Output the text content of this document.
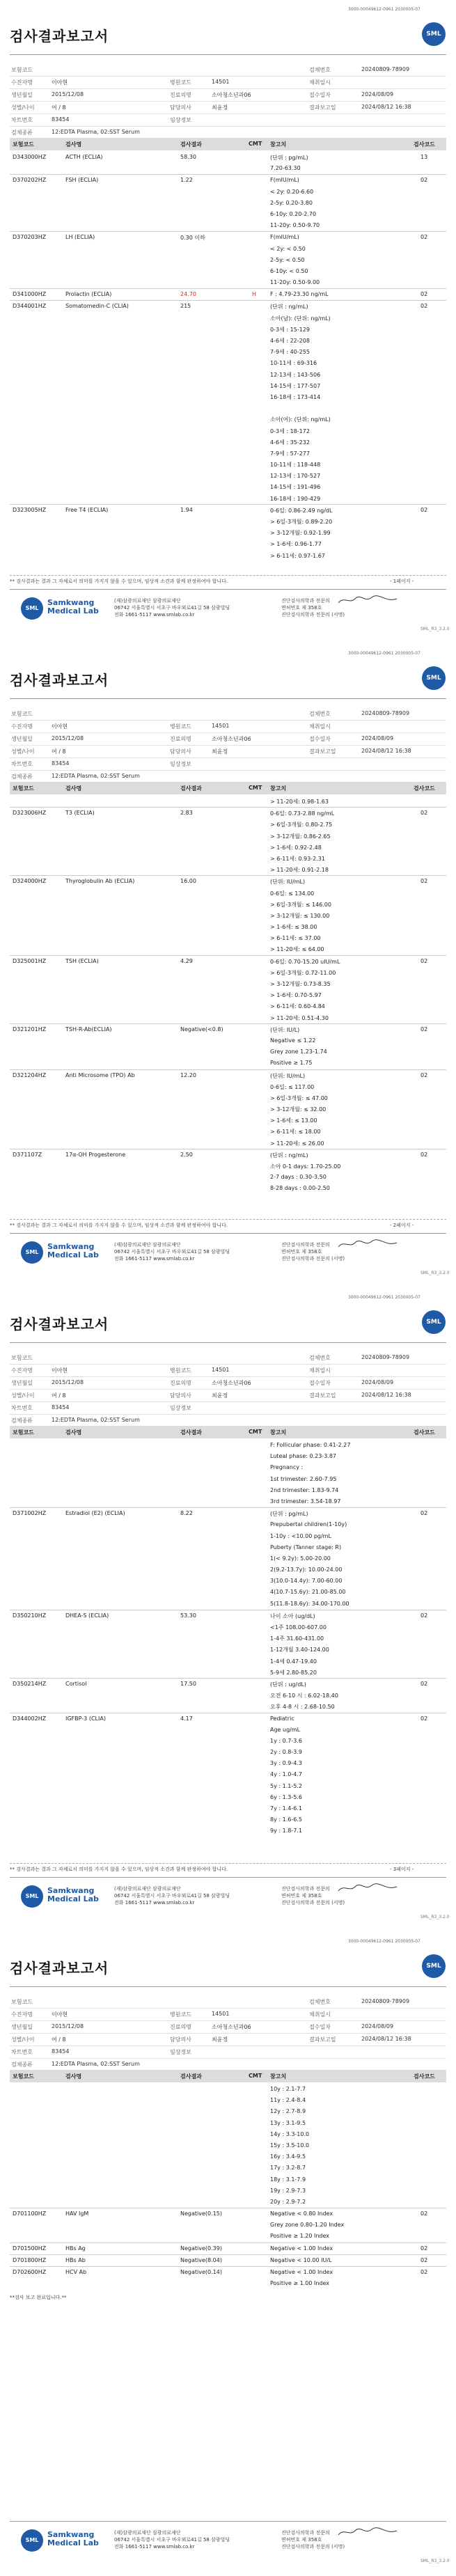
3000-00049612-0961 2030005-07
검사결과보고서	SML
보험코드	검체번호	20240809-78909
수진자명	이아현	병원코드	14501	채취일시
생년월일	2015/12/08	진료의명	소아청소년과06	접수일자	2024/08/09
성별/나이	여 / 8	담당의사	최윤정	결과보고일	2024/08/12 16:38
차트번호	83454	임상정보
검체종류	12:EDTA Plasma, 02:SST Serum
보험코드	검사명	검사결과	CMT 참고치	검사코드
D343000HZ	ACTH (ECLIA)	58.30	(단위 : pg/mL)	13
7.20-63.30
D370202HZ	FSH (ECLIA)	1.22	F(mIU/mL)	02
< 2y: 0.20-6.60
2-5y: 0.20-3.80
6-10y: 0.20-2.70
11-20y: 0.50-9.70
D370203HZ	LH (ECLIA)	0.30 이하	F(mIU/mL)	02
< 2y: < 0.50
2-5y: < 0.50
6-10y: < 0.50
11-20y: 0.50-9.00
D341000HZ	Prolactin (ECLIA)	24.70	H F : 4.79-23.30 ng/mL	02
D344001HZ	Somatomedin-C (CLIA)	215	(단위 : ng/mL)	02
소아(남): (단위: ng/mL)
0-3세 : 15-129
4-6세 : 22-208
7-9세 : 40-255
10-11세 : 69-316
12-13세 : 143-506
14-15세 : 177-507
16-18세 : 173-414
소아(여): (단위: ng/mL)
0-3세 : 18-172
4-6세 : 35-232
7-9세 : 57-277
10-11세 : 118-448
12-13세 : 170-527
14-15세 : 191-496
16-18세 : 190-429
D323005HZ	Free T4 (ECLIA)	1.94	0-6일: 0.86-2.49 ng/dL	02
> 6일-3개월: 0.89-2.20
> 3-12개월: 0.92-1.99
> 1-6세: 0.96-1.77
> 6-11세: 0.97-1.67
** 검사결과는 결과 그 자체로서 의미를 가지지 않을 수 있으며, 임상적 소견과 함께 판정하여야 합니다.	- 1페이지 -
SML
Samkwang
Medical Lab
(재)삼광의료재단 삼광의료재단
06742 서울특별시 서초구 바우뫼로41길 58 삼광빌딩
전화 1661-5117 www.smlab.co.kr
진단검사의학과 전문의
면허번호 제 358호
진단검사의학과 전문의 (서명)
SML_R3_3.2.0
3000-00049612-0961 2030005-07
검사결과보고서	SML
보험코드	검체번호	20240809-78909
수진자명	이아현	병원코드	14501	채취일시
생년월일	2015/12/08	진료의명	소아청소년과06	접수일자	2024/08/09
성별/나이	여 / 8	담당의사	최윤정	결과보고일	2024/08/12 16:38
차트번호	83454	임상정보
검체종류	12:EDTA Plasma, 02:SST Serum
보험코드	검사명	검사결과	CMT 참고치	검사코드
> 11-20세: 0.98-1.63
D323006HZ	T3 (ECLIA)	2.83	0-6일: 0.73-2.88 ng/mL	02
> 6일-3개월: 0.80-2.75
> 3-12개월: 0.86-2.65
> 1-6세: 0.92-2.48
> 6-11세: 0.93-2.31
> 11-20세: 0.91-2.18
D324000HZ	Thyroglobulin Ab (ECLIA)	16.00	(단위: IU/mL)	02
0-6일: ≤ 134.00
> 6일-3개월: ≤ 146.00
> 3-12개월: ≤ 130.00
> 1-6세: ≤ 38.00
> 6-11세: ≤ 37.00
> 11-20세: ≤ 64.00
D325001HZ	TSH (ECLIA)	4.29	0-6일: 0.70-15.20 uIU/mL	02
> 6일-3개월: 0.72-11.00
> 3-12개월: 0.73-8.35
> 1-6세: 0.70-5.97
> 6-11세: 0.60-4.84
> 11-20세: 0.51-4.30
D321201HZ	TSH-R-Ab(ECLIA)	Negative(<0.8)	(단위: IU/L)	02
Negative ≤ 1.22
Grey zone 1.23-1.74
Positive ≥ 1.75
D321204HZ	Anti Microsome (TPO) Ab	12.20	(단위: IU/mL)	02
0-6일: ≤ 117.00
> 6일-3개월: ≤ 47.00
> 3-12개월: ≤ 32.00
> 1-6세: ≤ 13.00
> 6-11세: ≤ 18.00
> 11-20세: ≤ 26.00
D371107Z	17α-OH Progesterone	2.50	(단위 : ng/mL)	02
소아 0-1 days: 1.70-25.00
2-7 days : 0.30-3.50
8-28 days : 0.00-2.50
** 검사결과는 결과 그 자체로서 의미를 가지지 않을 수 있으며, 임상적 소견과 함께 판정하여야 합니다.	- 2페이지 -
SML
Samkwang
Medical Lab
(재)삼광의료재단 삼광의료재단
06742 서울특별시 서초구 바우뫼로41길 58 삼광빌딩
전화 1661-5117 www.smlab.co.kr
진단검사의학과 전문의
면허번호 제 358호
진단검사의학과 전문의 (서명)
SML_R3_3.2.0
3000-00049612-0961 2030005-07
검사결과보고서	SML
보험코드	검체번호	20240809-78909
수진자명	이아현	병원코드	14501	채취일시
생년월일	2015/12/08	진료의명	소아청소년과06	접수일자	2024/08/09
성별/나이	여 / 8	담당의사	최윤정	결과보고일	2024/08/12 16:38
차트번호	83454	임상정보
검체종류	12:EDTA Plasma, 02:SST Serum
보험코드	검사명	검사결과	CMT 참고치	검사코드
F: Follicular phase: 0.41-2.27
Luteal phase: 0.23-3.87
Pregnancy :
1st trimester: 2.60-7.95
2nd trimester: 1.83-9.74
3rd trimester: 3.54-18.97
D371002HZ	Estradiol (E2) (ECLIA)	8.22	(단위 : pg/mL)	02
Prepubertal children(1-10y)
1-10y : <10.00 pg/mL
Puberty (Tanner stage: R)
1(< 9.2y): 5.00-20.00
2(9.2-13.7y): 10.00-24.00
3(10.0-14.4y): 7.00-60.00
4(10.7-15.6y): 21.00-85.00
5(11.8-18.6y): 34.00-170.00
D350210HZ	DHEA-S (ECLIA)	53.30	나이 소아 (ug/dL)	02
<1주 108.00-607.00
1-4주 31.60-431.00
1-12개월 3.40-124.00
1-4세 0.47-19.40
5-9세 2.80-85.20
D350214HZ	Cortisol	17.50	(단위 : ug/dL)	02
오전 6-10 시 : 6.02-18.40
오후 4-8 시 : 2.68-10.50
D344002HZ	IGFBP-3 (CLIA)	4.17	Pediatric	02
Age ug/mL
1y : 0.7-3.6
2y : 0.8-3.9
3y : 0.9-4.3
4y : 1.0-4.7
5y : 1.1-5.2
6y : 1.3-5.6
7y : 1.4-6.1
8y : 1.6-6.5
9y : 1.8-7.1
** 검사결과는 결과 그 자체로서 의미를 가지지 않을 수 있으며, 임상적 소견과 함께 판정하여야 합니다.	- 3페이지 -
SML
Samkwang
Medical Lab
(재)삼광의료재단 삼광의료재단
06742 서울특별시 서초구 바우뫼로41길 58 삼광빌딩
전화 1661-5117 www.smlab.co.kr
진단검사의학과 전문의
면허번호 제 358호
진단검사의학과 전문의 (서명)
SML_R3_3.2.0
3000-00049612-0961 2030005-07
검사결과보고서	SML
보험코드	검체번호	20240809-78909
수진자명	이아현	병원코드	14501	채취일시
생년월일	2015/12/08	진료의명	소아청소년과06	접수일자	2024/08/09
성별/나이	여 / 8	담당의사	최윤정	결과보고일	2024/08/12 16:38
차트번호	83454	임상정보
검체종류	12:EDTA Plasma, 02:SST Serum
보험코드	검사명	검사결과	CMT 참고치	검사코드
10y : 2.1-7.7
11y : 2.4-8.4
12y : 2.7-8.9
13y : 3.1-9.5
14y : 3.3-10.0
15y : 3.5-10.0
16y : 3.4-9.5
17y : 3.2-8.7
18y : 3.1-7.9
19y : 2.9-7.3
20y : 2.9-7.2
D701100HZ	HAV IgM	Negative(0.15)	Negative < 0.80 Index	02
Grey zone 0.80-1.20 Index
Positive ≥ 1.20 Index
D701500HZ	HBs Ag	Negative(0.39)	Negative < 1.00 Index	02
D701800HZ	HBs Ab	Negative(8.04)	Negative < 10.00 IU/L	02
D702600HZ	HCV Ab	Negative(0.14)	Negative < 1.00 Index	02
Positive ≥ 1.00 Index
**검사 보고 완료입니다.**
SML
Samkwang
Medical Lab
(재)삼광의료재단 삼광의료재단
06742 서울특별시 서초구 바우뫼로41길 58 삼광빌딩
전화 1661-5117 www.smlab.co.kr
진단검사의학과 전문의
면허번호 제 358호
진단검사의학과 전문의 (서명)
SML_R3_3.2.0
